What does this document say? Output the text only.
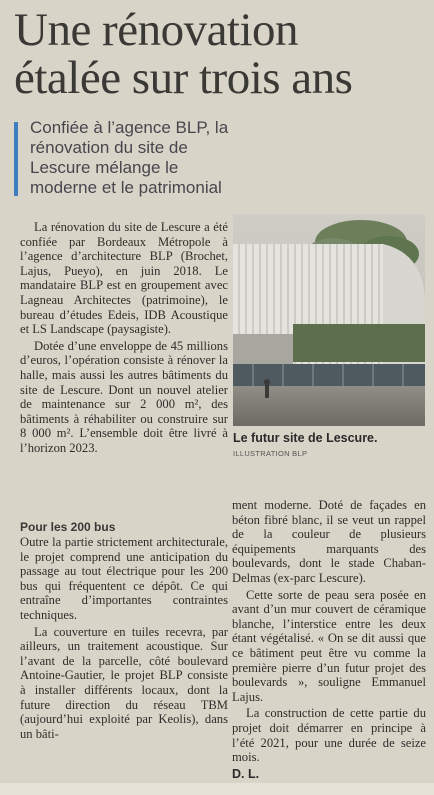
Une rénovation
étalée sur trois ans
Confiée à l’agence BLP, la rénovation du site de Lescure mélange le moderne et le patrimonial
Le futur site de Lescure.
ILLUSTRATION BLP

La rénovation du site de Lescure a été confiée par Bordeaux Métropole à l’agence d’architecture BLP (Brochet, Lajus, Pueyo), en juin 2018. Le mandataire BLP est en groupement avec Lagneau Architectes (patrimoine), le bureau d’études Edeis, IDB Acoustique et LS Landscape (paysagiste).

Dotée d’une enveloppe de 45 millions d’euros, l’opération consiste à rénover la halle, mais aussi les autres bâtiments du site de Lescure. Dont un nouvel atelier de maintenance sur 2 000 m², des bâtiments à réhabiliter ou construire sur 8 000 m². L’ensemble doit être livré à l’horizon 2023.

Pour les 200 bus

Outre la partie strictement architecturale, le projet comprend une anticipation du passage au tout électrique pour les 200 bus qui fréquentent ce dépôt. Ce qui entraîne d’importantes contraintes techniques.

La couverture en tuiles recevra, par ailleurs, un traitement acoustique. Sur l’avant de la parcelle, côté boulevard Antoine-Gautier, le projet BLP consiste à installer différents locaux, dont la future direction du réseau TBM (aujourd’hui exploité par Keolis), dans un bâti-

ment moderne. Doté de façades en béton fibré blanc, il se veut un rappel de la couleur de plusieurs équipements marquants des boulevards, dont le stade Chaban-Delmas (ex-parc Lescure).

Cette sorte de peau sera posée en avant d’un mur couvert de céramique blanche, l’interstice entre les deux étant végétalisé. « On se dit aussi que ce bâtiment peut être vu comme la première pierre d’un futur projet des boulevards », souligne Emmanuel Lajus.

La construction de cette partie du projet doit démarrer en principe à l’été 2021, pour une durée de seize mois.

D. L.
